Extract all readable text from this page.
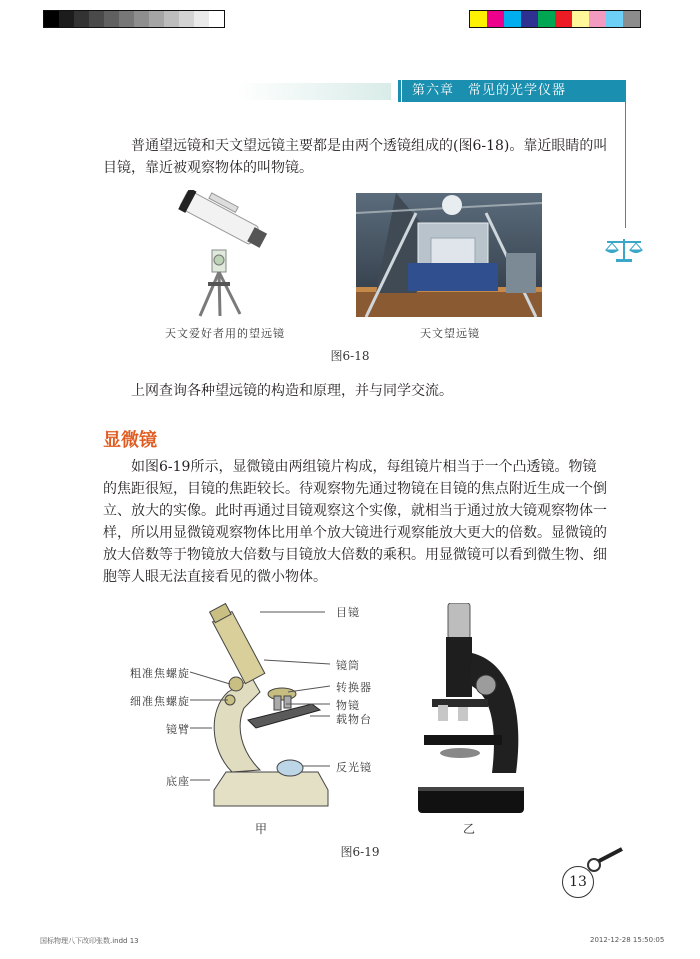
第六章　常见的光学仪器
普通望远镜和天文望远镜主要都是由两个透镜组成的(图6-18)。靠近眼睛的叫目镜，靠近被观察物体的叫物镜。
天文爱好者用的望远镜	天文望远镜
图6-18
上网查询各种望远镜的构造和原理，并与同学交流。
显微镜
如图6-19所示，显微镜由两组镜片构成，每组镜片相当于一个凸透镜。物镜的焦距很短，目镜的焦距较长。待观察物先通过物镜在目镜的焦点附近生成一个倒立、放大的实像。此时再通过目镜观察这个实像，就相当于通过放大镜观察物体一样，所以用显微镜观察物体比用单个放大镜进行观察能放大更大的倍数。显微镜的放大倍数等于物镜放大倍数与目镜放大倍数的乘积。用显微镜可以看到微生物、细胞等人眼无法直接看见的微小物体。
目镜
粗准焦螺旋
细准焦螺旋
镜臂
底座
镜筒
转换器
物镜
载物台
反光镜
甲	乙
图6-19
13
国标物理八下改印张数.indd 13	2012-12-28 15:50:05
